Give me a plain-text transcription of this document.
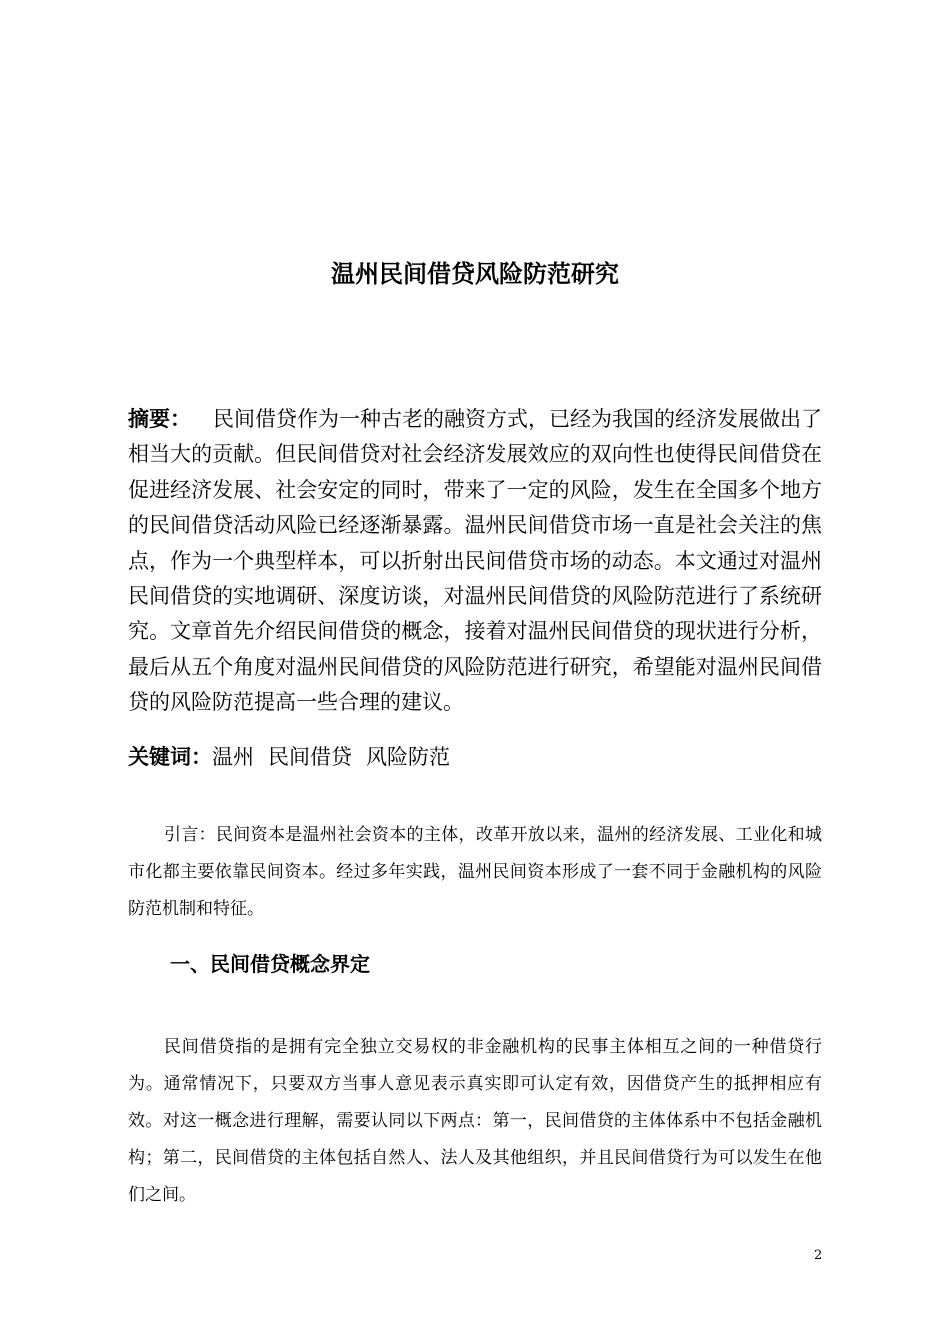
温州民间借贷风险防范研究

摘要： 民间借贷作为一种古老的融资方式，已经为我国的经济发展做出了相当大的贡献。但民间借贷对社会经济发展效应的双向性也使得民间借贷在促进经济发展、社会安定的同时，带来了一定的风险，发生在全国多个地方的民间借贷活动风险已经逐渐暴露。温州民间借贷市场一直是社会关注的焦点，作为一个典型样本，可以折射出民间借贷市场的动态。本文通过对温州民间借贷的实地调研、深度访谈，对温州民间借贷的风险防范进行了系统研究。文章首先介绍民间借贷的概念，接着对温州民间借贷的现状进行分析，最后从五个角度对温州民间借贷的风险防范进行研究，希望能对温州民间借贷的风险防范提高一些合理的建议。

关键词：温州 民间借贷 风险防范

引言：民间资本是温州社会资本的主体，改革开放以来，温州的经济发展、工业化和城市化都主要依靠民间资本。经过多年实践，温州民间资本形成了一套不同于金融机构的风险防范机制和特征。

一、民间借贷概念界定

民间借贷指的是拥有完全独立交易权的非金融机构的民事主体相互之间的一种借贷行为。通常情况下，只要双方当事人意见表示真实即可认定有效，因借贷产生的抵押相应有效。对这一概念进行理解，需要认同以下两点：第一，民间借贷的主体体系中不包括金融机构；第二，民间借贷的主体包括自然人、法人及其他组织，并且民间借贷行为可以发生在他们之间。

2
